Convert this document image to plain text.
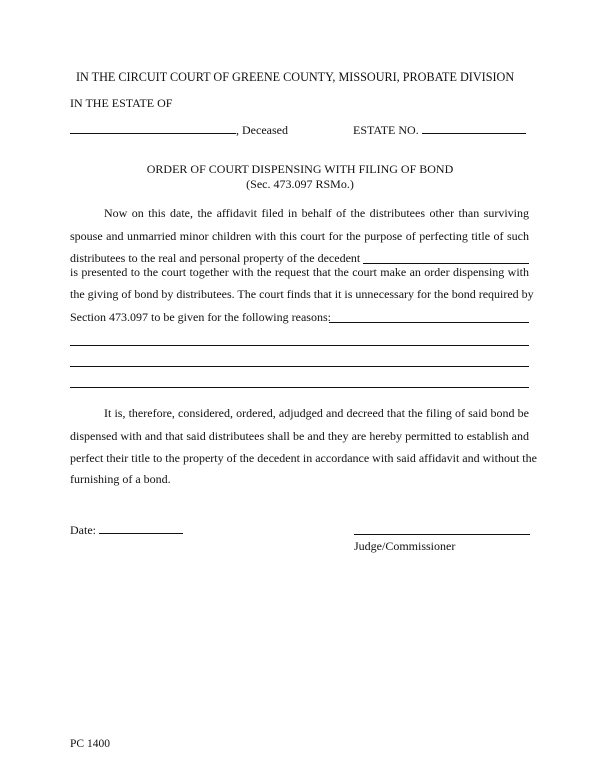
IN THE CIRCUIT COURT OF GREENE COUNTY, MISSOURI, PROBATE DIVISION
IN THE ESTATE OF
, Deceased	ESTATE NO.
ORDER OF COURT DISPENSING WITH FILING OF BOND
(Sec. 473.097 RSMo.)
Now on this date, the affidavit filed in behalf of the distributees other than surviving
spouse and unmarried minor children with this court for the purpose of perfecting title of such
distributees to the real and personal property of the decedent
is presented to the court together with the request that the court make an order dispensing with
the giving of bond by distributees. The court finds that it is unnecessary for the bond required by
Section 473.097 to be given for the following reasons:
It is, therefore, considered, ordered, adjudged and decreed that the filing of said bond be
dispensed with and that said distributees shall be and they are hereby permitted to establish and
perfect their title to the property of the decedent in accordance with said affidavit and without the
furnishing of a bond.
Date:
Judge/Commissioner
PC 1400
